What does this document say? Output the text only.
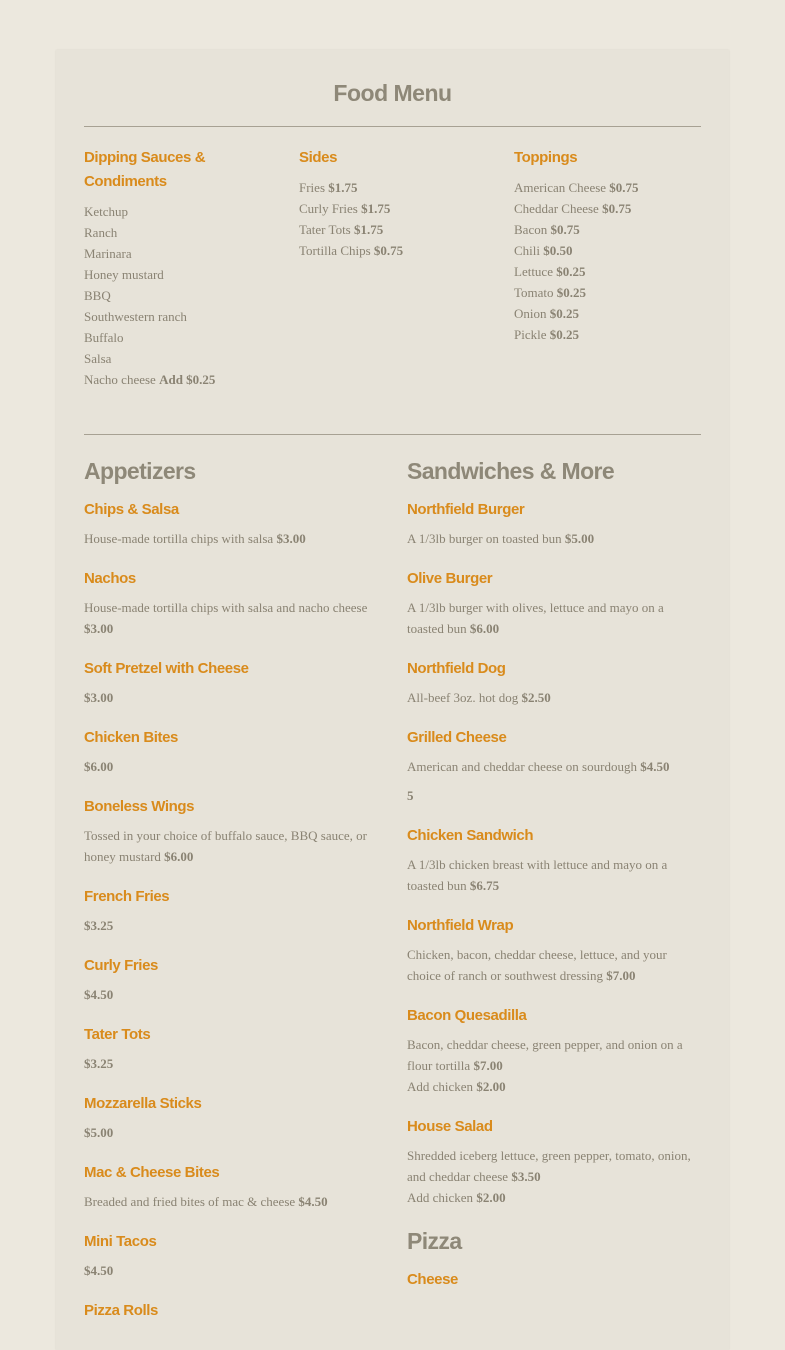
Food Menu
Dipping Sauces & Condiments
Ketchup
Ranch
Marinara
Honey mustard
BBQ
Southwestern ranch
Buffalo
Salsa
Nacho cheese Add $0.25
Sides
Fries $1.75
Curly Fries $1.75
Tater Tots $1.75
Tortilla Chips $0.75
Toppings
American Cheese $0.75
Cheddar Cheese $0.75
Bacon $0.75
Chili $0.50
Lettuce $0.25
Tomato $0.25
Onion $0.25
Pickle $0.25
Appetizers
Chips & Salsa
House-made tortilla chips with salsa $3.00
Nachos
House-made tortilla chips with salsa and nacho cheese $3.00
Soft Pretzel with Cheese
$3.00
Chicken Bites
$6.00
Boneless Wings
Tossed in your choice of buffalo sauce, BBQ sauce, or honey mustard $6.00
French Fries
$3.25
Curly Fries
$4.50
Tater Tots
$3.25
Mozzarella Sticks
$5.00
Mac & Cheese Bites
Breaded and fried bites of mac & cheese $4.50
Mini Tacos
$4.50
Pizza Rolls
Sandwiches & More
Northfield Burger
A 1/3lb burger on toasted bun $5.00
Olive Burger
A 1/3lb burger with olives, lettuce and mayo on a toasted bun $6.00
Northfield Dog
All-beef 3oz. hot dog $2.50
Grilled Cheese
American and cheddar cheese on sourdough $4.50
5
Chicken Sandwich
A 1/3lb chicken breast with lettuce and mayo on a toasted bun $6.75
Northfield Wrap
Chicken, bacon, cheddar cheese, lettuce, and your choice of ranch or southwest dressing $7.00
Bacon Quesadilla
Bacon, cheddar cheese, green pepper, and onion on a flour tortilla $7.00
Add chicken $2.00
House Salad
Shredded iceberg lettuce, green pepper, tomato, onion, and cheddar cheese $3.50
Add chicken $2.00
Pizza
Cheese
